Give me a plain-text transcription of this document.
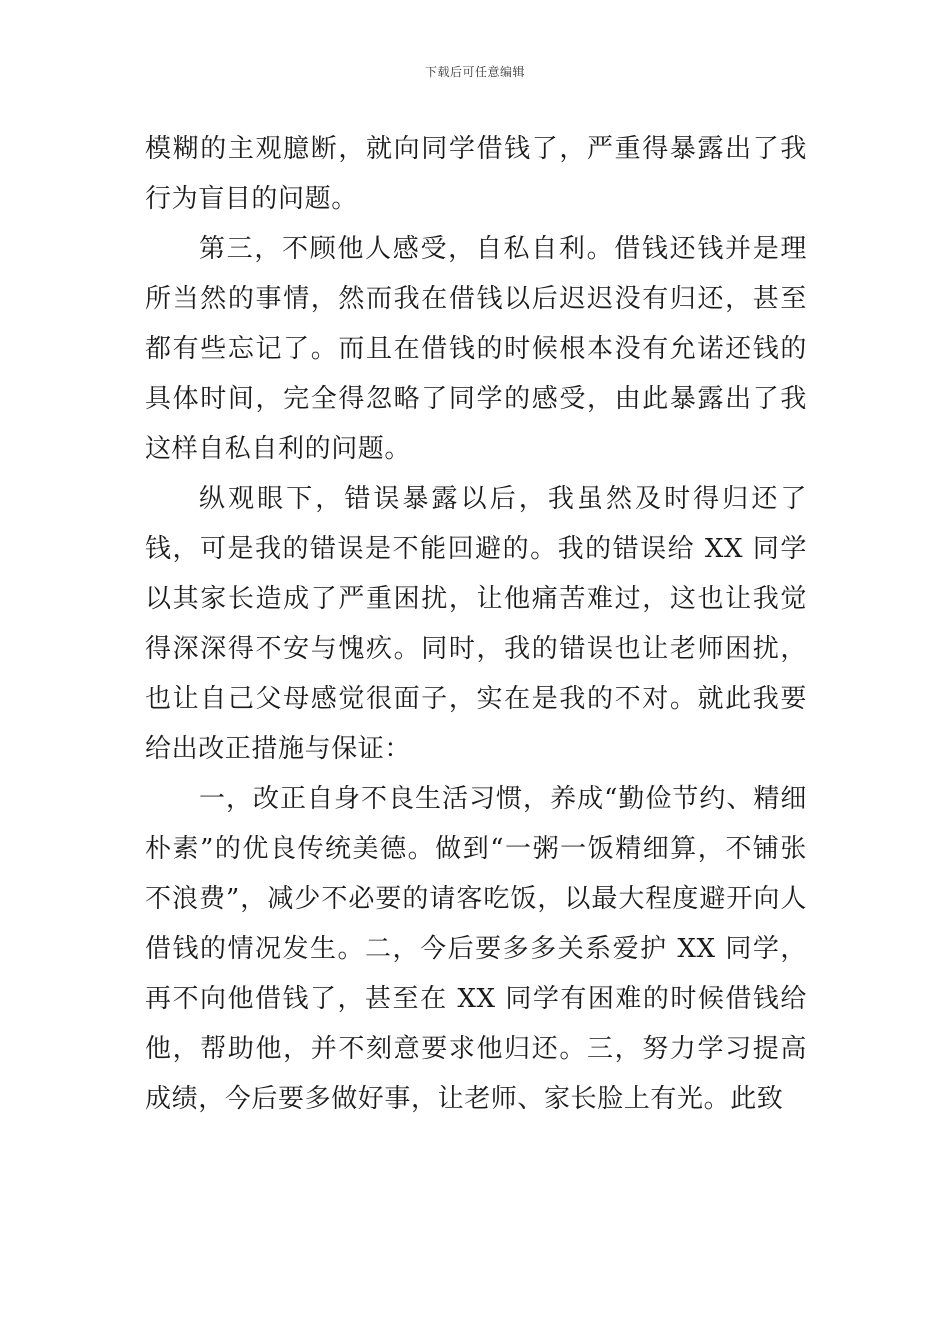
下载后可任意编辑

模糊的主观臆断，就向同学借钱了，严重得暴露出了我行为盲目的问题。

第三，不顾他人感受，自私自利。借钱还钱并是理所当然的事情，然而我在借钱以后迟迟没有归还，甚至都有些忘记了。而且在借钱的时候根本没有允诺还钱的具体时间，完全得忽略了同学的感受，由此暴露出了我这样自私自利的问题。

纵观眼下，错误暴露以后，我虽然及时得归还了钱，可是我的错误是不能回避的。我的错误给 XX 同学以其家长造成了严重困扰，让他痛苦难过，这也让我觉得深深得不安与愧疚。同时，我的错误也让老师困扰，也让自己父母感觉很面子，实在是我的不对。就此我要给出改正措施与保证：

一，改正自身不良生活习惯，养成“勤俭节约、精细朴素”的优良传统美德。做到“一粥一饭精细算，不铺张不浪费”，减少不必要的请客吃饭，以最大程度避开向人借钱的情况发生。二，今后要多多关系爱护 XX 同学，再不向他借钱了，甚至在 XX 同学有困难的时候借钱给他，帮助他，并不刻意要求他归还。三，努力学习提高成绩，今后要多做好事，让老师、家长脸上有光。此致
